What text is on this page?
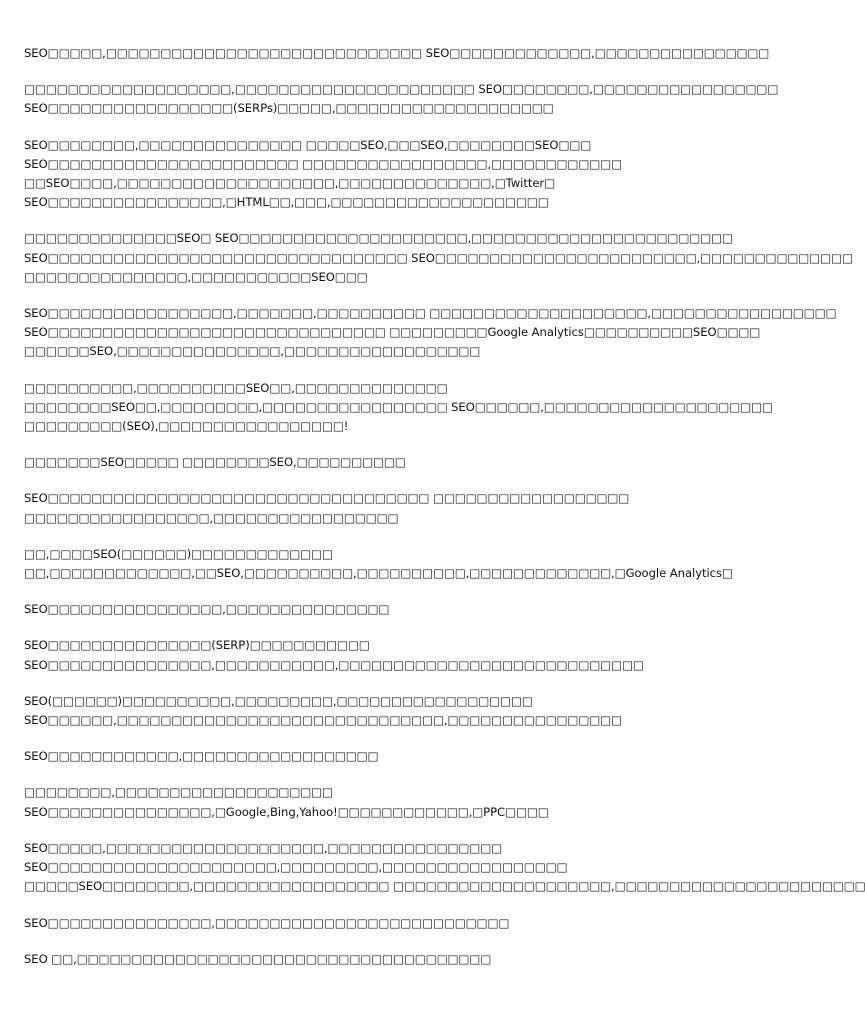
SEO□□□□□,□□□□□□□□□□□□□□□□□□□□□□□□□□□□□ SEO□□□□□□□□□□□□□,□□□□□□□□□□□□□□□□
□□□□□□□□□□□□□□□□□□□,□□□□□□□□□□□□□□□□□□□□□□ SEO□□□□□□□□,□□□□□□□□□□□□□□□□□
SEO□□□□□□□□□□□□□□□□□(SERPs)□□□□□,□□□□□□□□□□□□□□□□□□□□
SEO□□□□□□□□,□□□□□□□□□□□□□□□ □□□□□SEO,□□□SEO,□□□□□□□□SEO□□□
SEO□□□□□□□□□□□□□□□□□□□□□□□ □□□□□□□□□□□□□□□□□,□□□□□□□□□□□□
□□SEO□□□□,□□□□□□□□□□□□□□□□□□□□,□□□□□□□□□□□□□□,□Twitter□
SEO□□□□□□□□□□□□□□□□,□HTML□□,□□□,□□□□□□□□□□□□□□□□□□□□
□□□□□□□□□□□□□□SEO□ SEO□□□□□□□□□□□□□□□□□□□□□,□□□□□□□□□□□□□□□□□□□□□□□□
SEO□□□□□□□□□□□□□□□□□□□□□□□□□□□□□□□□□ SEO□□□□□□□□□□□□□□□□□□□□□□□□,□□□□□□□□□□□□□□
□□□□□□□□□□□□□□□,□□□□□□□□□□□SEO□□□
SEO□□□□□□□□□□□□□□□□□,□□□□□□□,□□□□□□□□□□ □□□□□□□□□□□□□□□□□□□□,□□□□□□□□□□□□□□□□□
SEO□□□□□□□□□□□□□□□□□□□□□□□□□□□□□□□ □□□□□□□□□Google Analytics□□□□□□□□□□SEO□□□□
□□□□□□SEO,□□□□□□□□□□□□□□□,□□□□□□□□□□□□□□□□□□
□□□□□□□□□□,□□□□□□□□□□SEO□□,□□□□□□□□□□□□□□
□□□□□□□□SEO□□,□□□□□□□□□,□□□□□□□□□□□□□□□□□ SEO□□□□□□,□□□□□□□□□□□□□□□□□□□□□
□□□□□□□□□(SEO),□□□□□□□□□□□□□□□□□!
□□□□□□□SEO□□□□□ □□□□□□□□SEO,□□□□□□□□□□
SEO□□□□□□□□□□□□□□□□□□□□□□□□□□□□□□□□□□□ □□□□□□□□□□□□□□□□□□
□□□□□□□□□□□□□□□□□,□□□□□□□□□□□□□□□□□
□□,□□□□SEO(□□□□□□)□□□□□□□□□□□□□
□□,□□□□□□□□□□□□□,□□SEO,□□□□□□□□□□,□□□□□□□□□□,□□□□□□□□□□□□□,□Google Analytics□
SEO□□□□□□□□□□□□□□□□,□□□□□□□□□□□□□□□
SEO□□□□□□□□□□□□□□□(SERP)□□□□□□□□□□□
SEO□□□□□□□□□□□□□□□,□□□□□□□□□□□,□□□□□□□□□□□□□□□□□□□□□□□□□□□□
SEO(□□□□□□)□□□□□□□□□□,□□□□□□□□□,□□□□□□□□□□□□□□□□□□
SEO□□□□□□,□□□□□□□□□□□□□□□□□□□□□□□□□□□□□□,□□□□□□□□□□□□□□□□
SEO□□□□□□□□□□□□,□□□□□□□□□□□□□□□□□□
□□□□□□□□,□□□□□□□□□□□□□□□□□□□□
SEO□□□□□□□□□□□□□□□,□Google,Bing,Yahoo!□□□□□□□□□□□□,□PPC□□□□
SEO□□□□□,□□□□□□□□□□□□□□□□□□□□,□□□□□□□□□□□□□□□□
SEO□□□□□□□□□□□□□□□□□□□□□,□□□□□□□□□,□□□□□□□□□□□□□□□□□
□□□□□SEO□□□□□□□□,□□□□□□□□□□□□□□□□□□ □□□□□□□□□□□□□□□□□□□□,□□□□□□□□□□□□□□□□□□□□□□□
SEO□□□□□□□□□□□□□□□,□□□□□□□□□□□□□□□□□□□□□□□□□□□
SEO □□,□□□□□□□□□□□□□□□□□□□□□□□□□□□□□□□□□□□□□□
